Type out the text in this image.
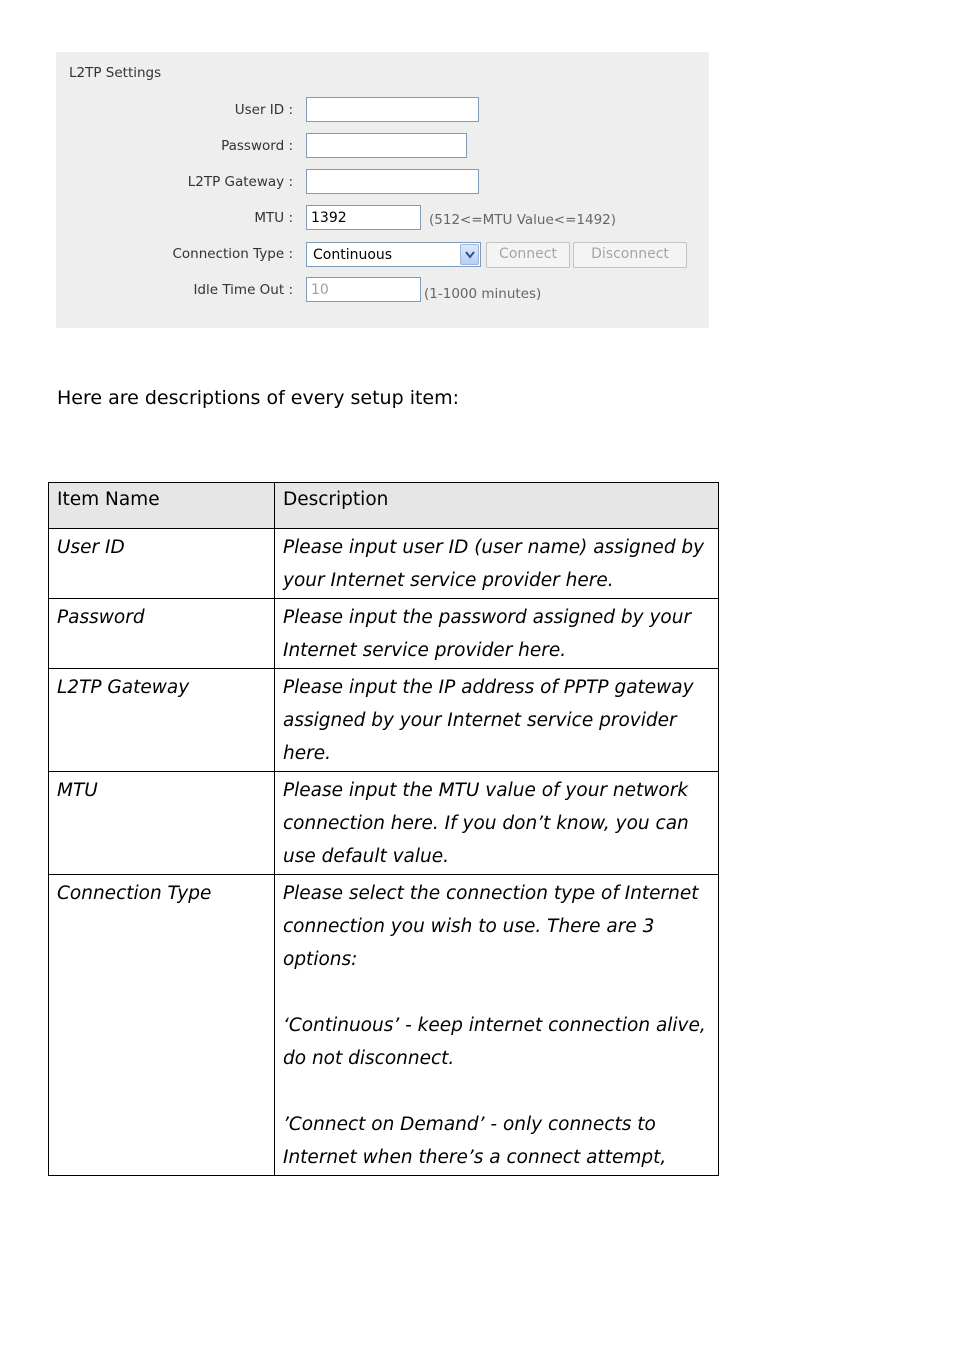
L2TP Settings
User ID :
Password :
L2TP Gateway :
MTU :
1392	(512<=MTU Value<=1492)
Connection Type : Continuous	Connect	Disconnect
Idle Time Out :
10	(1-1000 minutes)
Here are descriptions of every setup item:
Item Name	Description
User ID	Please input user ID (user name) assigned by your Internet service provider here.

Password	Please input the password assigned by your Internet service provider here.

L2TP Gateway	Please input the IP address of PPTP gateway assigned by your Internet service provider here.

MTU	Please input the MTU value of your network connection here. If you don’t know, you can use default value.

Connection Type	Please select the connection type of Internet connection you wish to use. There are 3 options:
‘Continuous’ - keep internet connection alive, do not disconnect.
’Connect on Demand’ - only connects to Internet when there’s a connect attempt,
